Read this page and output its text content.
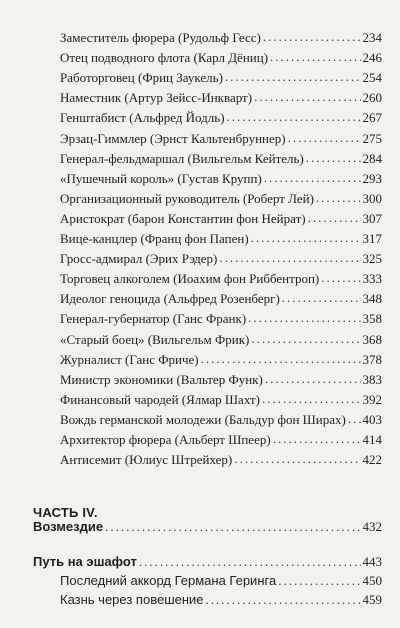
Заместитель фюрера (Рудольф Гесс) .....	234
Отец подводного флота (Карл Дёниц) .....	246
Работорговец (Фриц Заукель) .....	254
Наместник (Артур Зейсс-Инкварт) .....	260
Генштабист (Альфред Йодль) .....	267
Эрзац-Гиммлер (Эрнст Кальтенбруннер) .....	275
Генерал-фельдмаршал (Вильгельм Кейтель) .....	284
«Пушечный король» (Густав Крупп) .....	293
Организационный руководитель (Роберт Лей) .....	300
Аристократ (барон Константин фон Нейрат) .....	307
Вице-канцлер (Франц фон Папен) .....	317
Гросс-адмирал (Эрих Рэдер) .....	325
Торговец алкоголем (Иоахим фон Риббентроп) .....	333
Идеолог геноцида (Альфред Розенберг) .....	348
Генерал-губернатор (Ганс Франк) .....	358
«Старый боец» (Вильгельм Фрик) .....	368
Журналист (Ганс Фриче) .....	378
Министр экономики (Вальтер Функ) .....	383
Финансовый чародей (Ялмар Шахт) .....	392
Вождь германской молодежи (Бальдур фон Ширах) ..... 403
Архитектор фюрера (Альберт Шпеер) .....	414
Антисемит (Юлиус Штрейхер) .....	422
ЧАСТЬ IV.
Возмездие .....	432
Путь на эшафот .....	443
Последний аккорд Германа Геринга .....	450
Казнь через повешение .....	459
